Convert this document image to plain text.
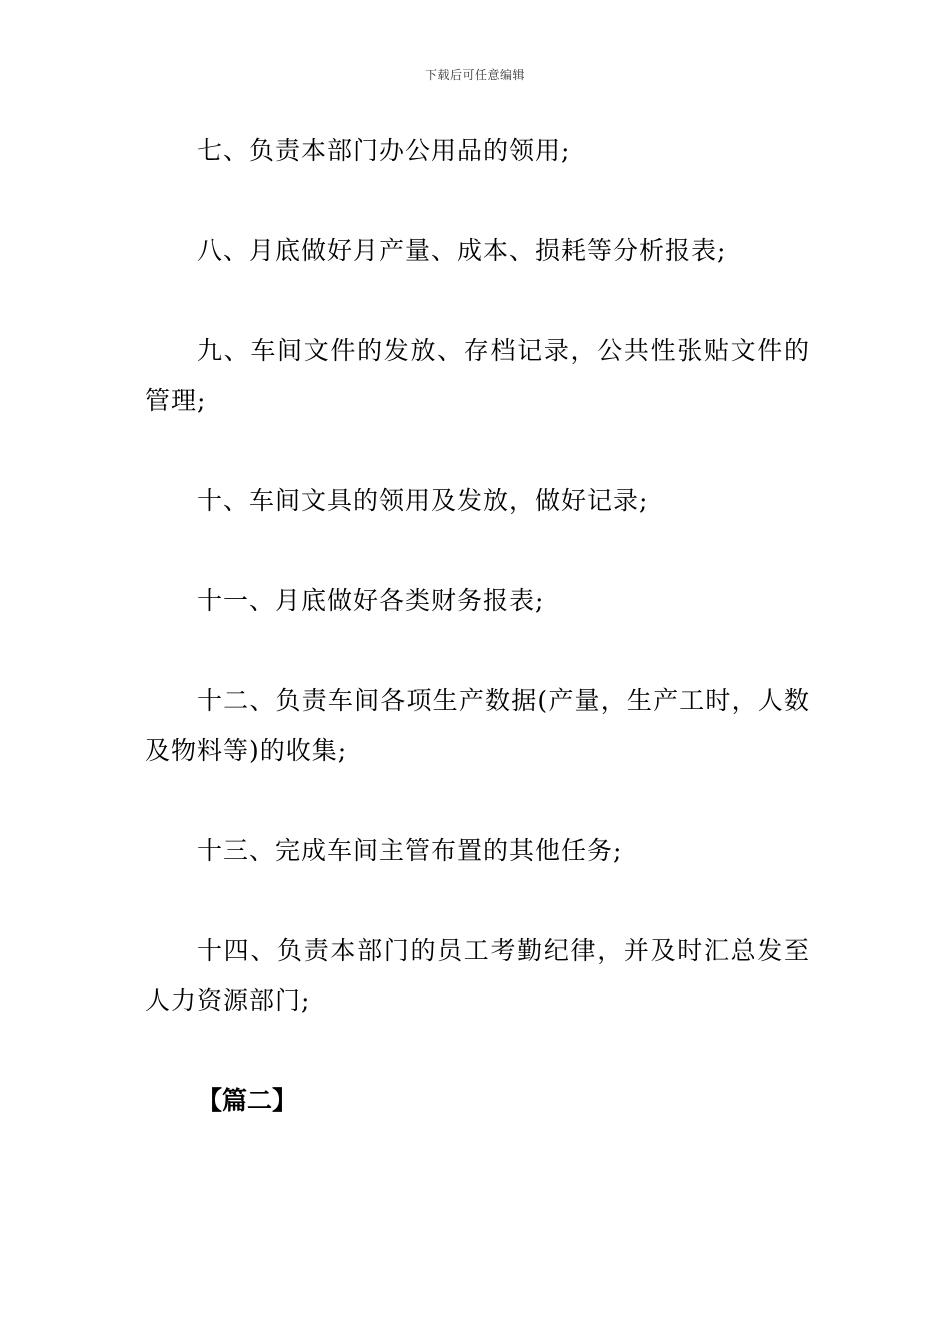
下载后可任意编辑

七、负责本部门办公用品的领用;

八、月底做好月产量、成本、损耗等分析报表;

九、车间文件的发放、存档记录，公共性张贴文件的管理;

十、车间文具的领用及发放，做好记录;

十一、月底做好各类财务报表;

十二、负责车间各项生产数据(产量，生产工时，人数及物料等)的收集;

十三、完成车间主管布置的其他任务;

十四、负责本部门的员工考勤纪律，并及时汇总发至人力资源部门;

【篇二】
